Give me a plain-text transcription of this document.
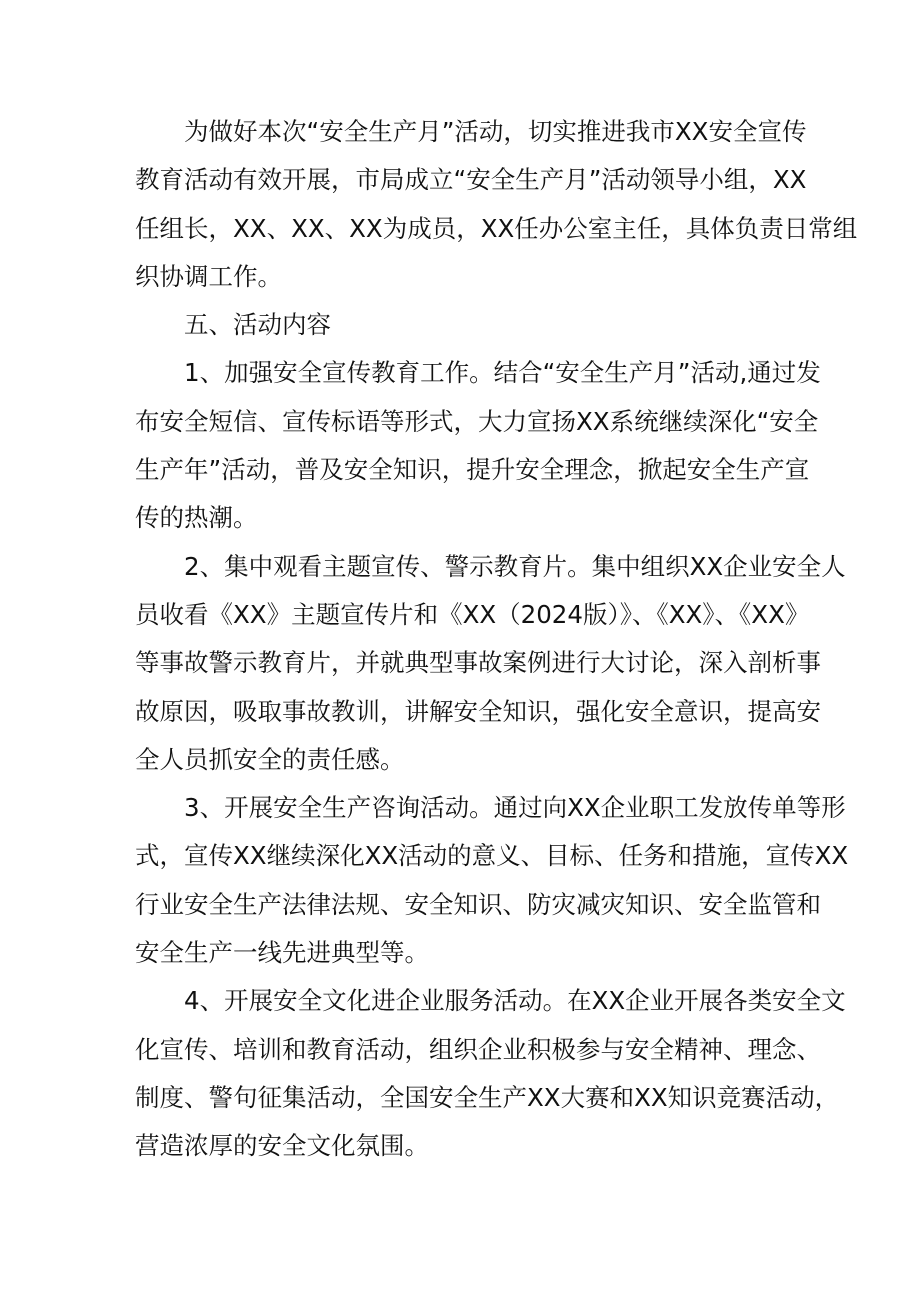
为做好本次“安全生产月”活动，切实推进我市XX安全宣传
教育活动有效开展，市局成立“安全生产月”活动领导小组，XX
任组长，XX、XX、XX为成员，XX任办公室主任，具体负责日常组
织协调工作。

五、活动内容

1、加强安全宣传教育工作。结合“安全生产月”活动,通过发
布安全短信、宣传标语等形式，大力宣扬XX系统继续深化“安全
生产年”活动，普及安全知识，提升安全理念，掀起安全生产宣
传的热潮。

2、集中观看主题宣传、警示教育片。集中组织XX企业安全人
员收看《XX》主题宣传片和《XX（2024版）》、《XX》、《XX》
等事故警示教育片，并就典型事故案例进行大讨论，深入剖析事
故原因，吸取事故教训，讲解安全知识，强化安全意识，提高安
全人员抓安全的责任感。

3、开展安全生产咨询活动。通过向XX企业职工发放传单等形
式，宣传XX继续深化XX活动的意义、目标、任务和措施，宣传XX
行业安全生产法律法规、安全知识、防灾减灾知识、安全监管和
安全生产一线先进典型等。

4、开展安全文化进企业服务活动。在XX企业开展各类安全文
化宣传、培训和教育活动，组织企业积极参与安全精神、理念、
制度、警句征集活动，全国安全生产XX大赛和XX知识竞赛活动，
营造浓厚的安全文化氛围。
